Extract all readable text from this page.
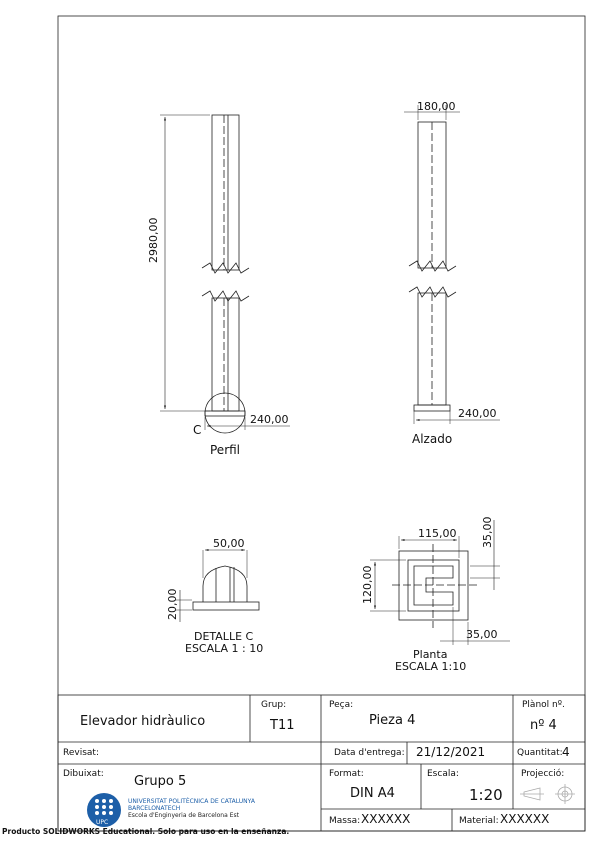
2980,00
240,00
C
Perfil
180,00
240,00
Alzado
50,00
20,00
DETALLE C
ESCALA 1 : 10
115,00 35,00
120,00
35,00
Planta
ESCALA 1:10
UPC
Elevador hidràulico
Grup:
T11
Peça:
Pieza 4
Plànol nº.
nº 4
Revisat:	Data d'entrega: 21/12/2021	Quantitat: 4
Dibuixat: Grupo 5	Format:
DIN A4
Escala:
1:20
Projecció:
Massa: XXXXXX	Material: XXXXXX
UNIVERSITAT POLITÈCNICA DE CATALUNYA
BARCELONATECH
Escola d'Enginyeria de Barcelona Est
Producto SOLIDWORKS Educational. Solo para uso en la enseñanza.
